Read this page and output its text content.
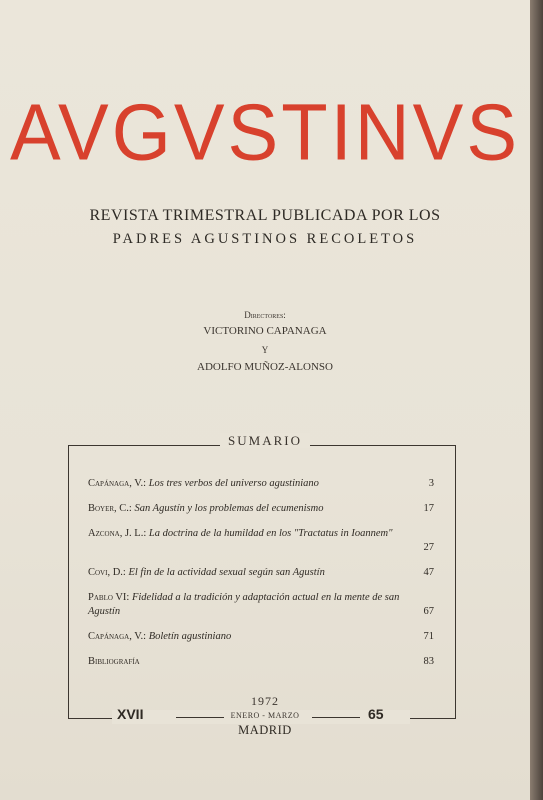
AVGVSTINVS
REVISTA TRIMESTRAL PUBLICADA POR LOS
PADRES AGUSTINOS RECOLETOS
Directores:
VICTORINO CAPANAGA
Y
ADOLFO MUÑOZ-ALONSO
SUMARIO
Capánaga, V.: Los tres verbos del universo agustiniano	3
Boyer, C.: San Agustín y los problemas del ecumenismo	17
Azcona, J. L.: La doctrina de la humildad en los "Tractatus in Ioannem"
27
Covi, D.: El fin de la actividad sexual según san Agustín	47
Pablo VI: Fidelidad a la tradición y adaptación actual en la mente de san Agustín	67
Capánaga, V.: Boletín agustiniano	71
Bibliografía	83
1972
XVII	ENERO - MARZO	65
MADRID
